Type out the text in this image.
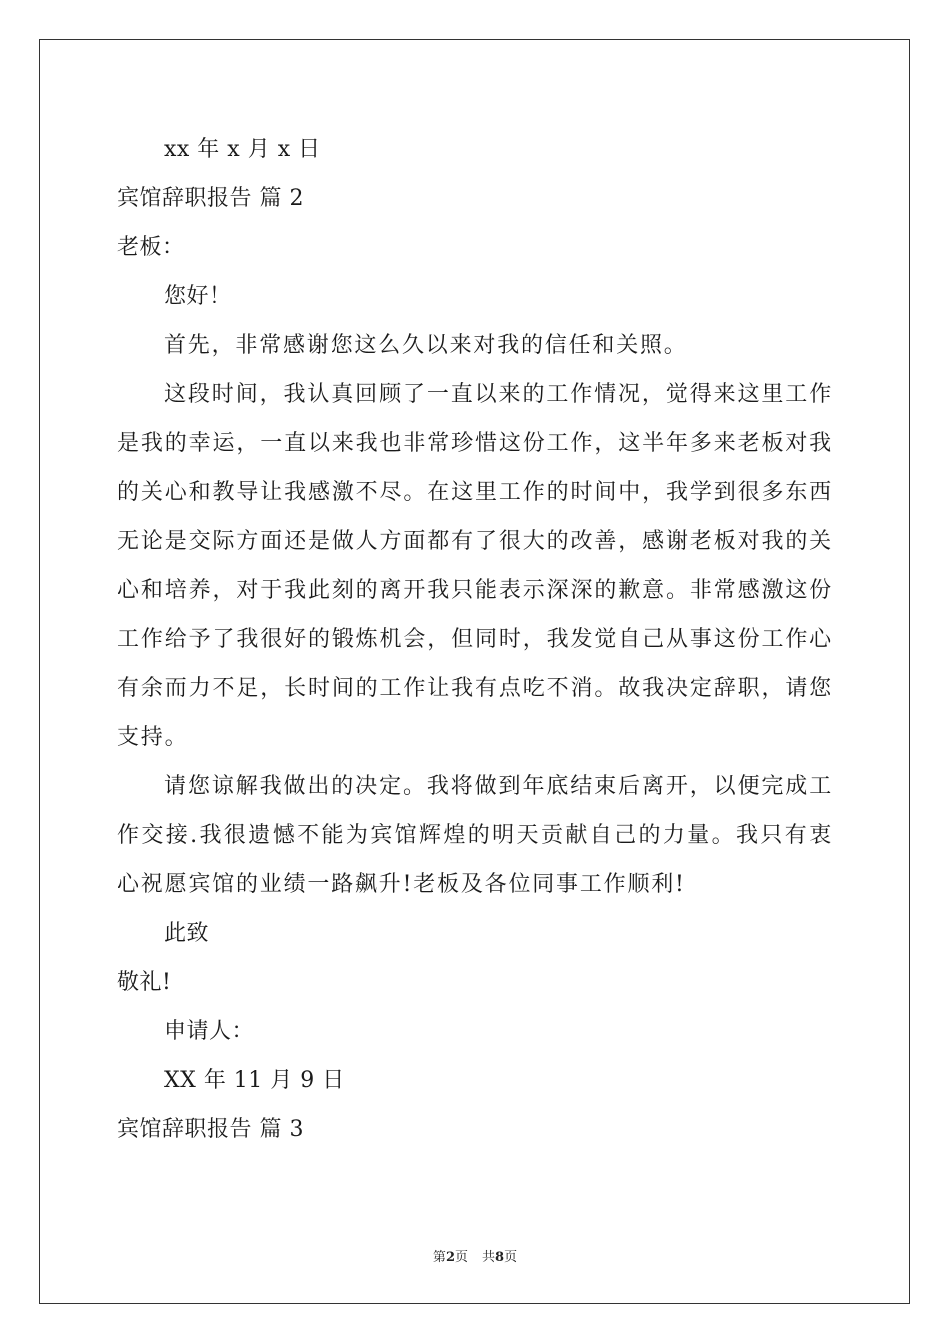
xx 年 x 月 x 日
宾馆辞职报告 篇 2
老板：
您好！

首先，非常感谢您这么久以来对我的信任和关照。

这段时间，我认真回顾了一直以来的工作情况，觉得来这里工作是我的幸运，一直以来我也非常珍惜这份工作，这半年多来老板对我的关心和教导让我感激不尽。在这里工作的时间中，我学到很多东西无论是交际方面还是做人方面都有了很大的改善，感谢老板对我的关心和培养，对于我此刻的离开我只能表示深深的歉意。非常感激这份工作给予了我很好的锻炼机会，但同时，我发觉自己从事这份工作心有余而力不足，长时间的工作让我有点吃不消。故我决定辞职，请您支持。

请您谅解我做出的决定。我将做到年底结束后离开，以便完成工作交接.我很遗憾不能为宾馆辉煌的明天贡献自己的力量。我只有衷心祝愿宾馆的业绩一路飙升!老板及各位同事工作顺利!

此致
敬礼!
申请人：
XX 年 11 月 9 日
宾馆辞职报告 篇 3
第2页 共8页
